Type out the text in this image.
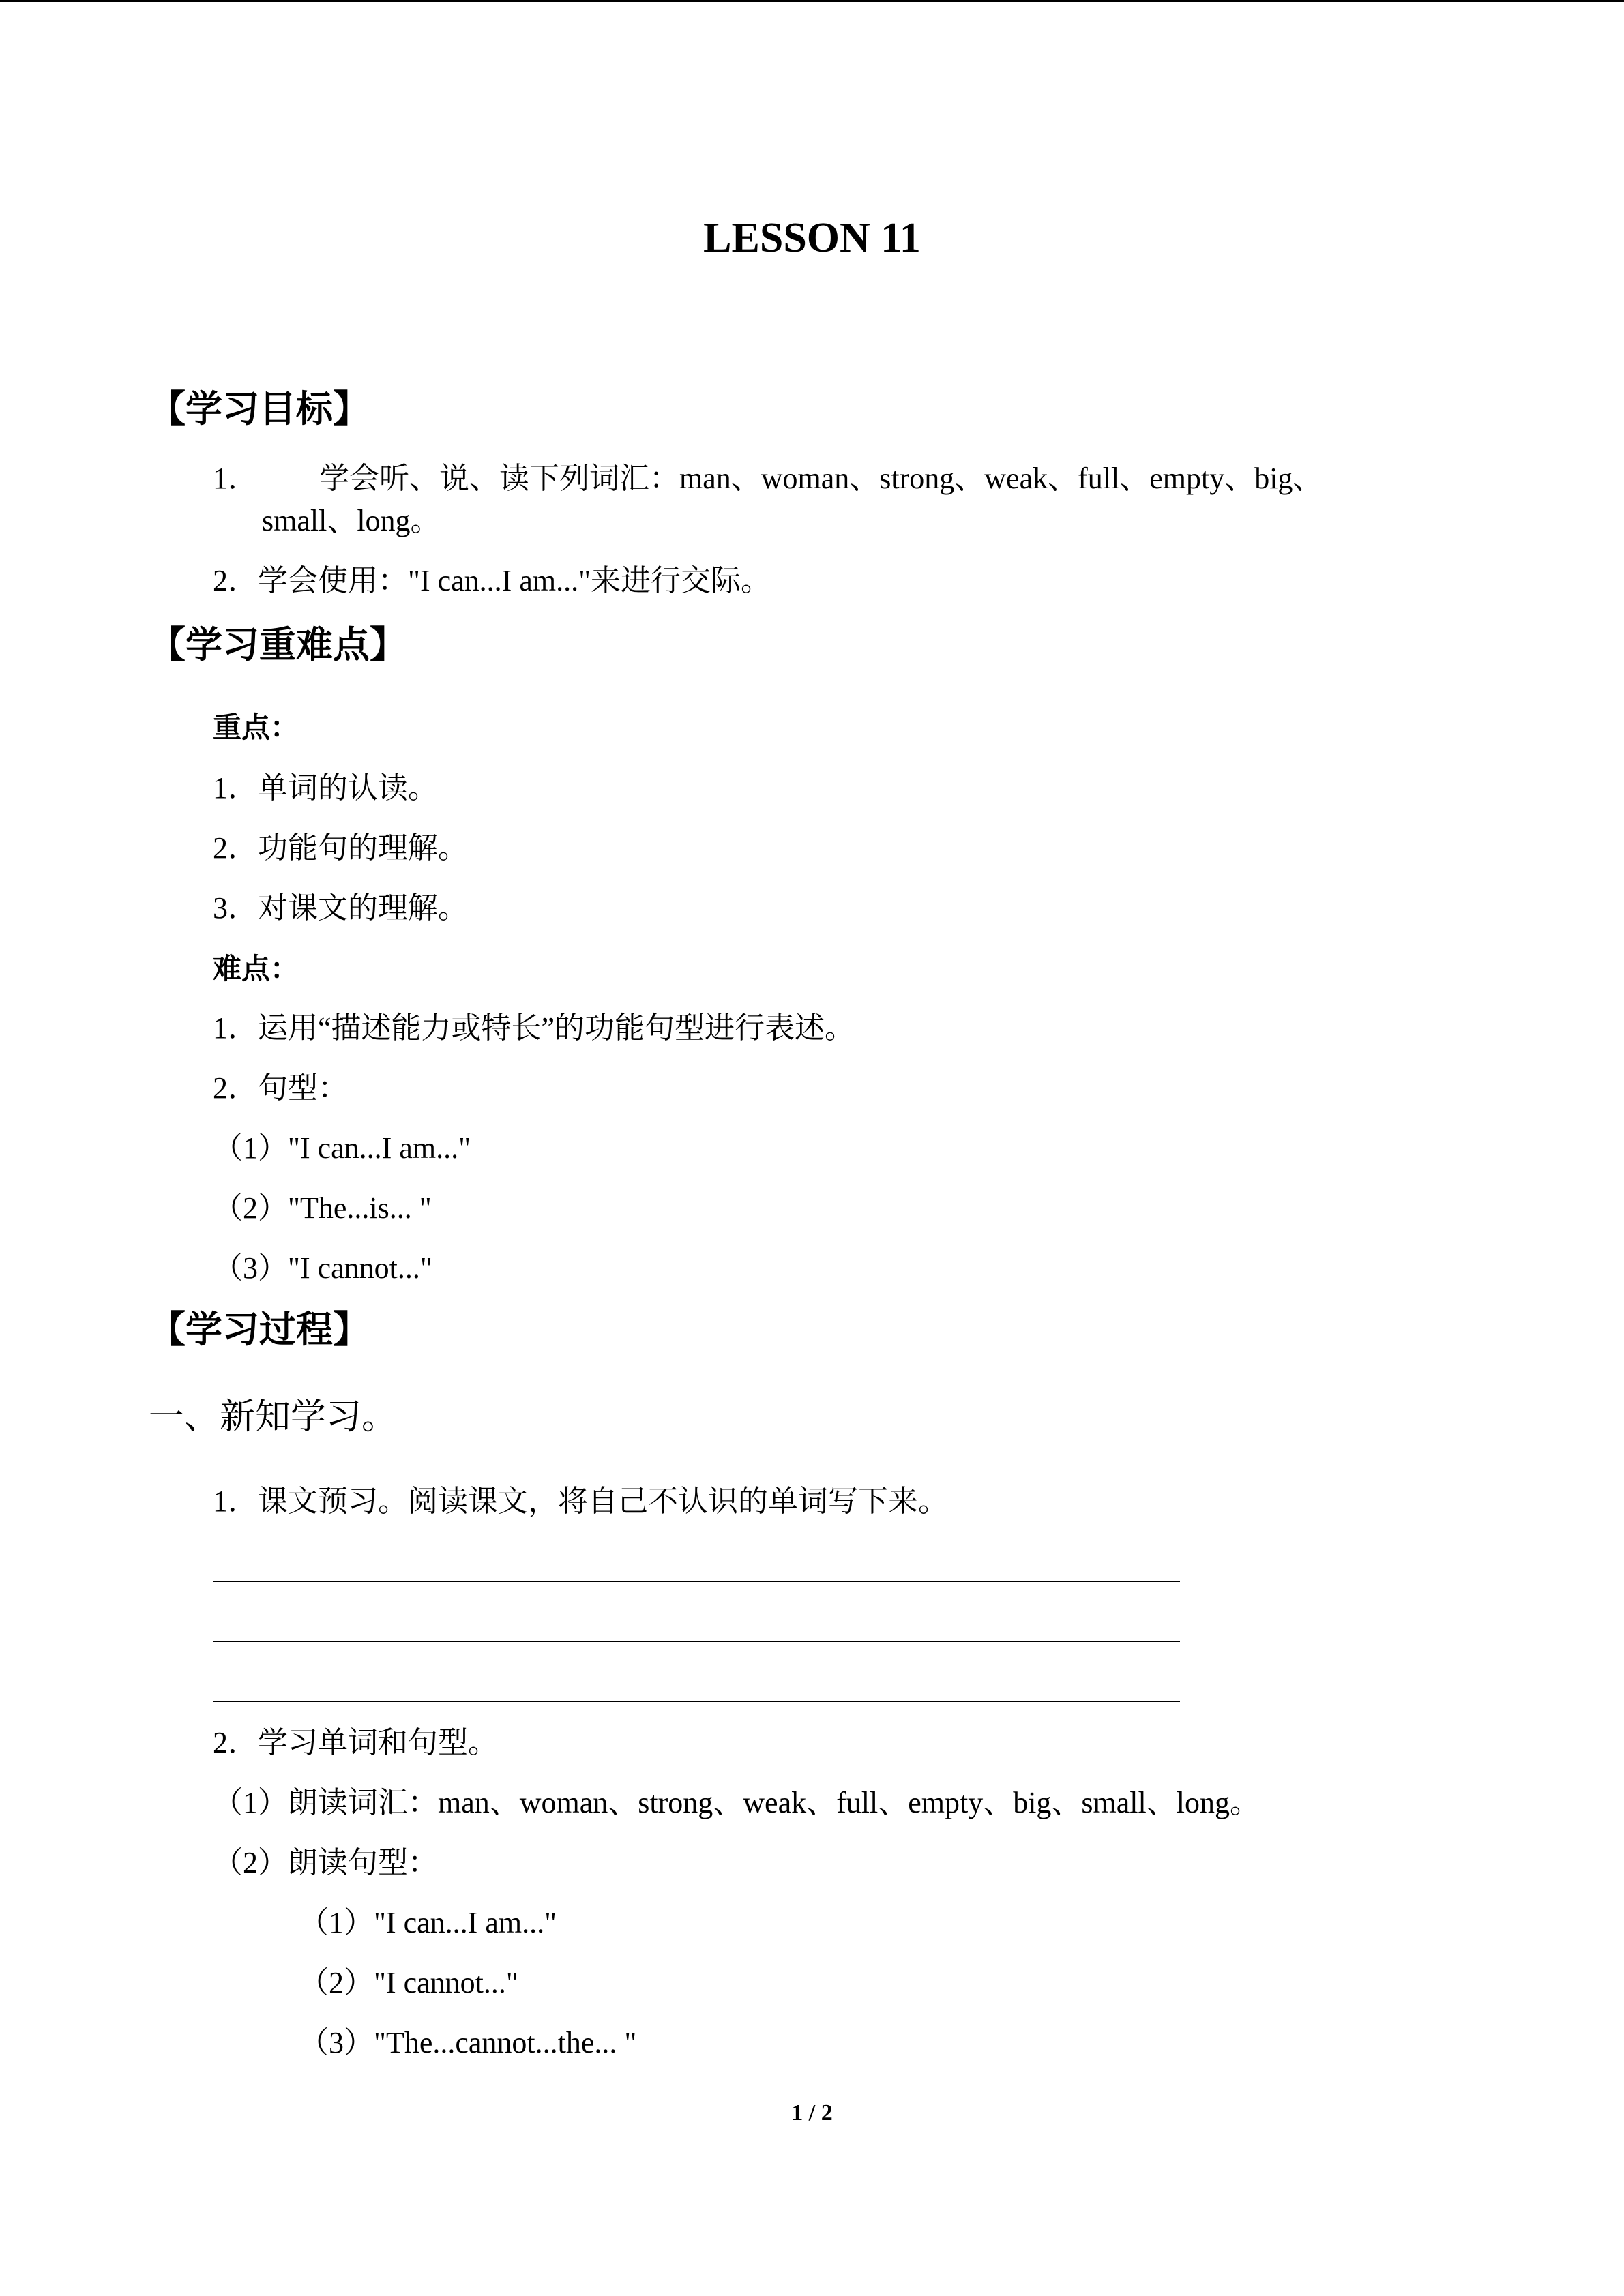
LESSON 11
【学习目标】
1． 学会听、说、读下列词汇：man、woman、strong、weak、full、empty、big、
small、long。
2．学会使用："I can...I am..."来进行交际。
【学习重难点】
重点：
1．单词的认读。
2．功能句的理解。
3．对课文的理解。
难点：
1．运用“描述能力或特长”的功能句型进行表述。
2．句型：
（1）"I can...I am..."
（2）"The...is... "
（3）"I cannot..."
【学习过程】
一、新知学习。
1．课文预习。阅读课文，将自己不认识的单词写下来。
2．学习单词和句型。
（1）朗读词汇：man、woman、strong、weak、full、empty、big、small、long。
（2）朗读句型：
（1）"I can...I am..."
（2）"I cannot..."
（3）"The...cannot...the... "
1 / 2
